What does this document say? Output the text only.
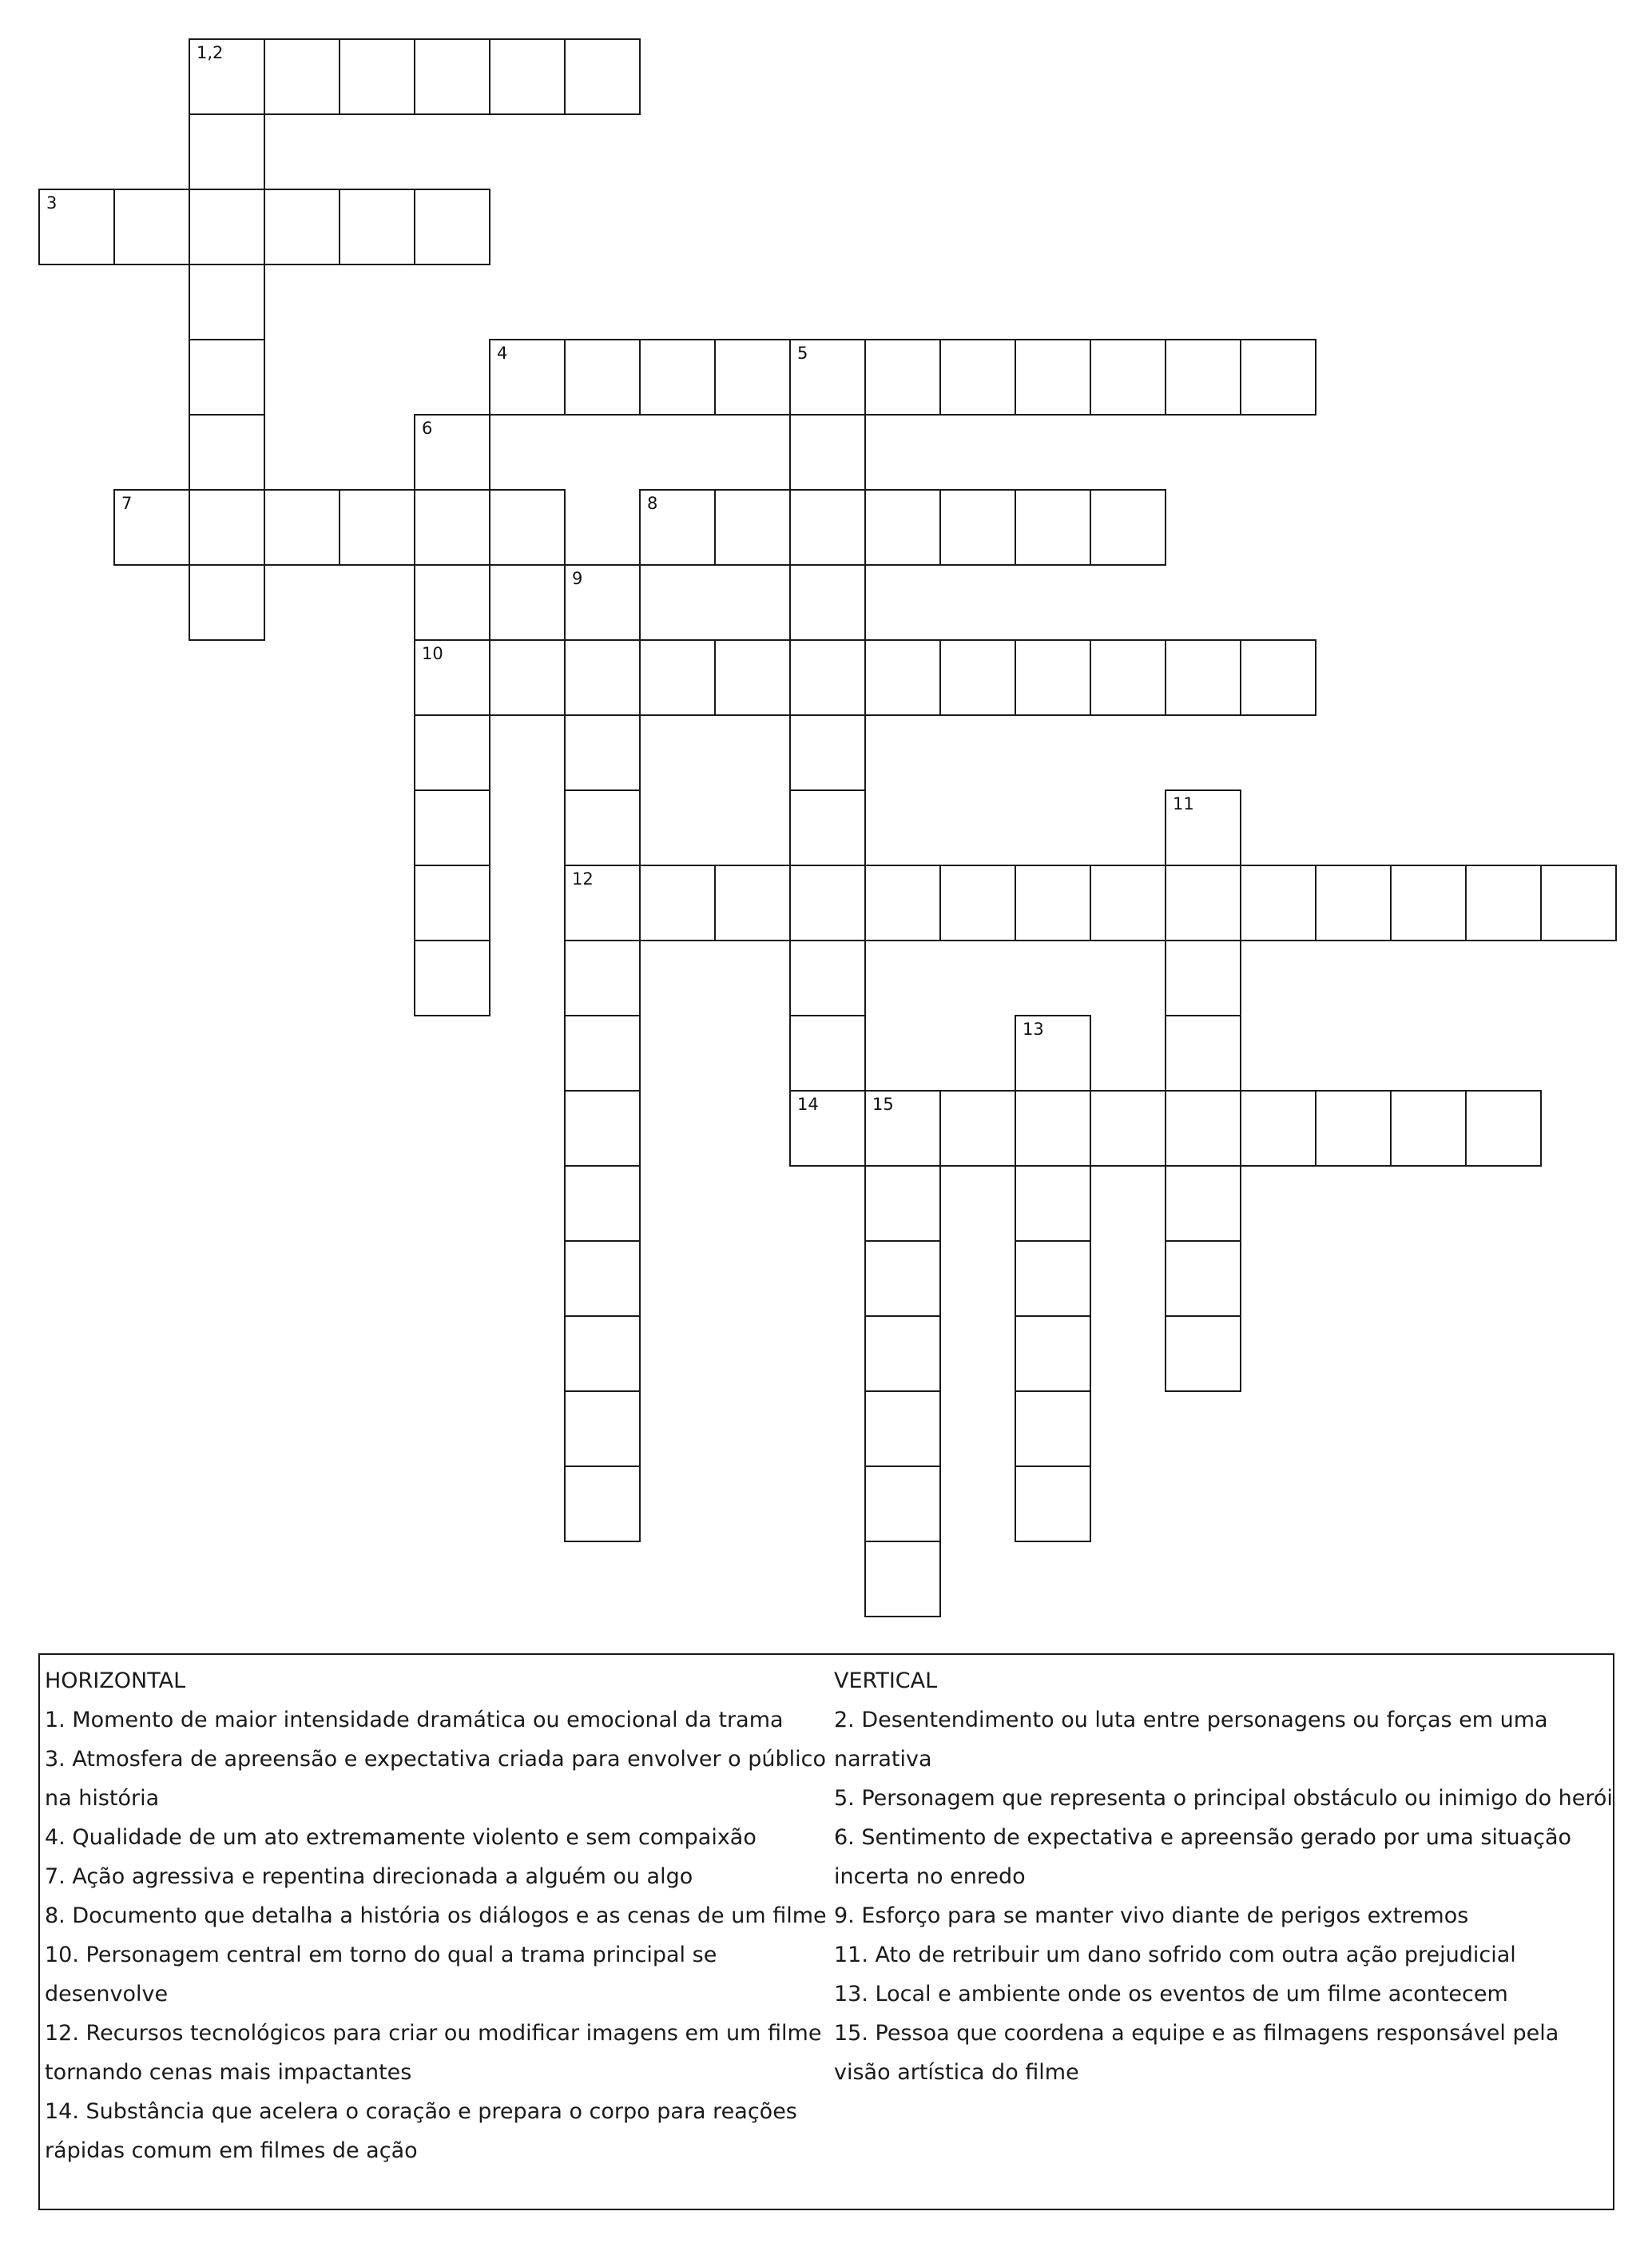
1,2
3
4	5
14
6
10
7	8
9
12
11
13
15
HORIZONTAL
1. Momento de maior intensidade dramática ou emocional da trama
3. Atmosfera de apreensão e expectativa criada para envolver o público na história
4. Qualidade de um ato extremamente violento e sem compaixão
7. Ação agressiva e repentina direcionada a alguém ou algo
8. Documento que detalha a história os diálogos e as cenas de um filme
10. Personagem central em torno do qual a trama principal se desenvolve
12. Recursos tecnológicos para criar ou modificar imagens em um filme tornando cenas mais impactantes
14. Substância que acelera o coração e prepara o corpo para reações rápidas comum em filmes de ação
VERTICAL
2. Desentendimento ou luta entre personagens ou forças em uma narrativa
5. Personagem que representa o principal obstáculo ou inimigo do herói
6. Sentimento de expectativa e apreensão gerado por uma situação incerta no enredo
9. Esforço para se manter vivo diante de perigos extremos
11. Ato de retribuir um dano sofrido com outra ação prejudicial
13. Local e ambiente onde os eventos de um filme acontecem
15. Pessoa que coordena a equipe e as filmagens responsável pela visão artística do filme
